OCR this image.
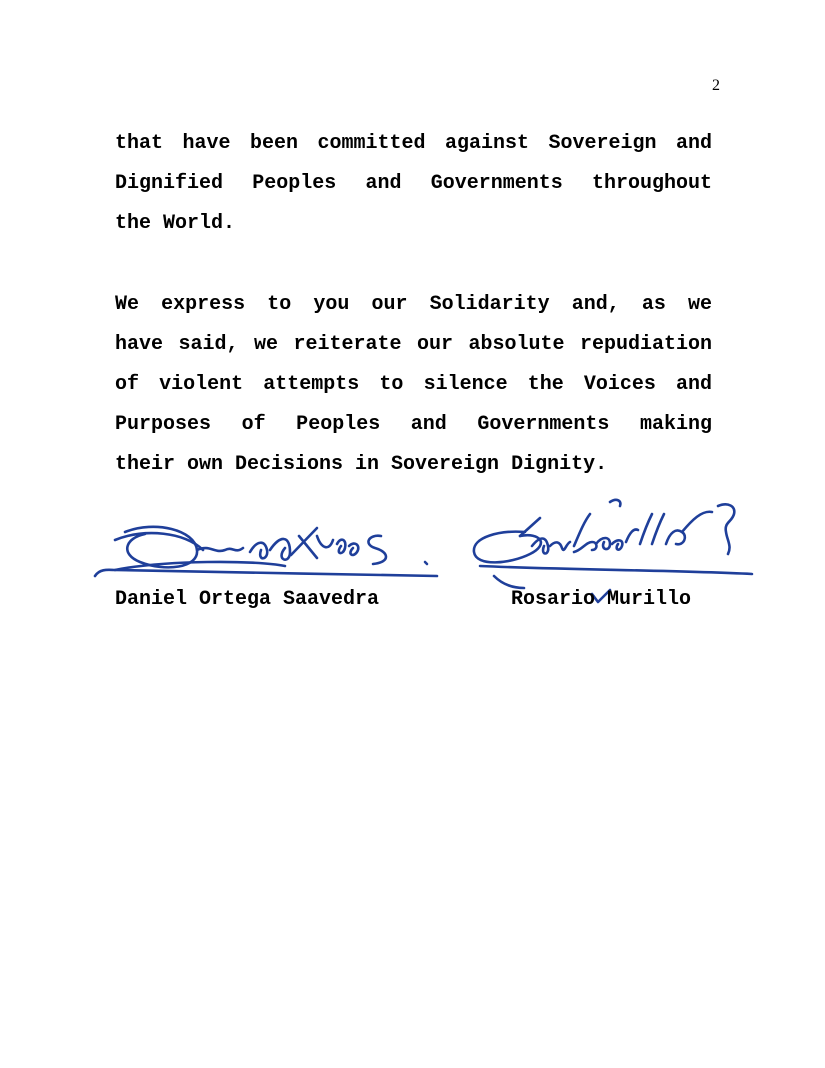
2

that have been committed against Sovereign and
Dignified Peoples and Governments throughout
the World.

We express to you our Solidarity and, as we
have said, we reiterate our absolute repudiation
of violent attempts to silence the Voices and
Purposes of Peoples and Governments making
their own Decisions in Sovereign Dignity.

Daniel Ortega Saavedra	Rosario Murillo
